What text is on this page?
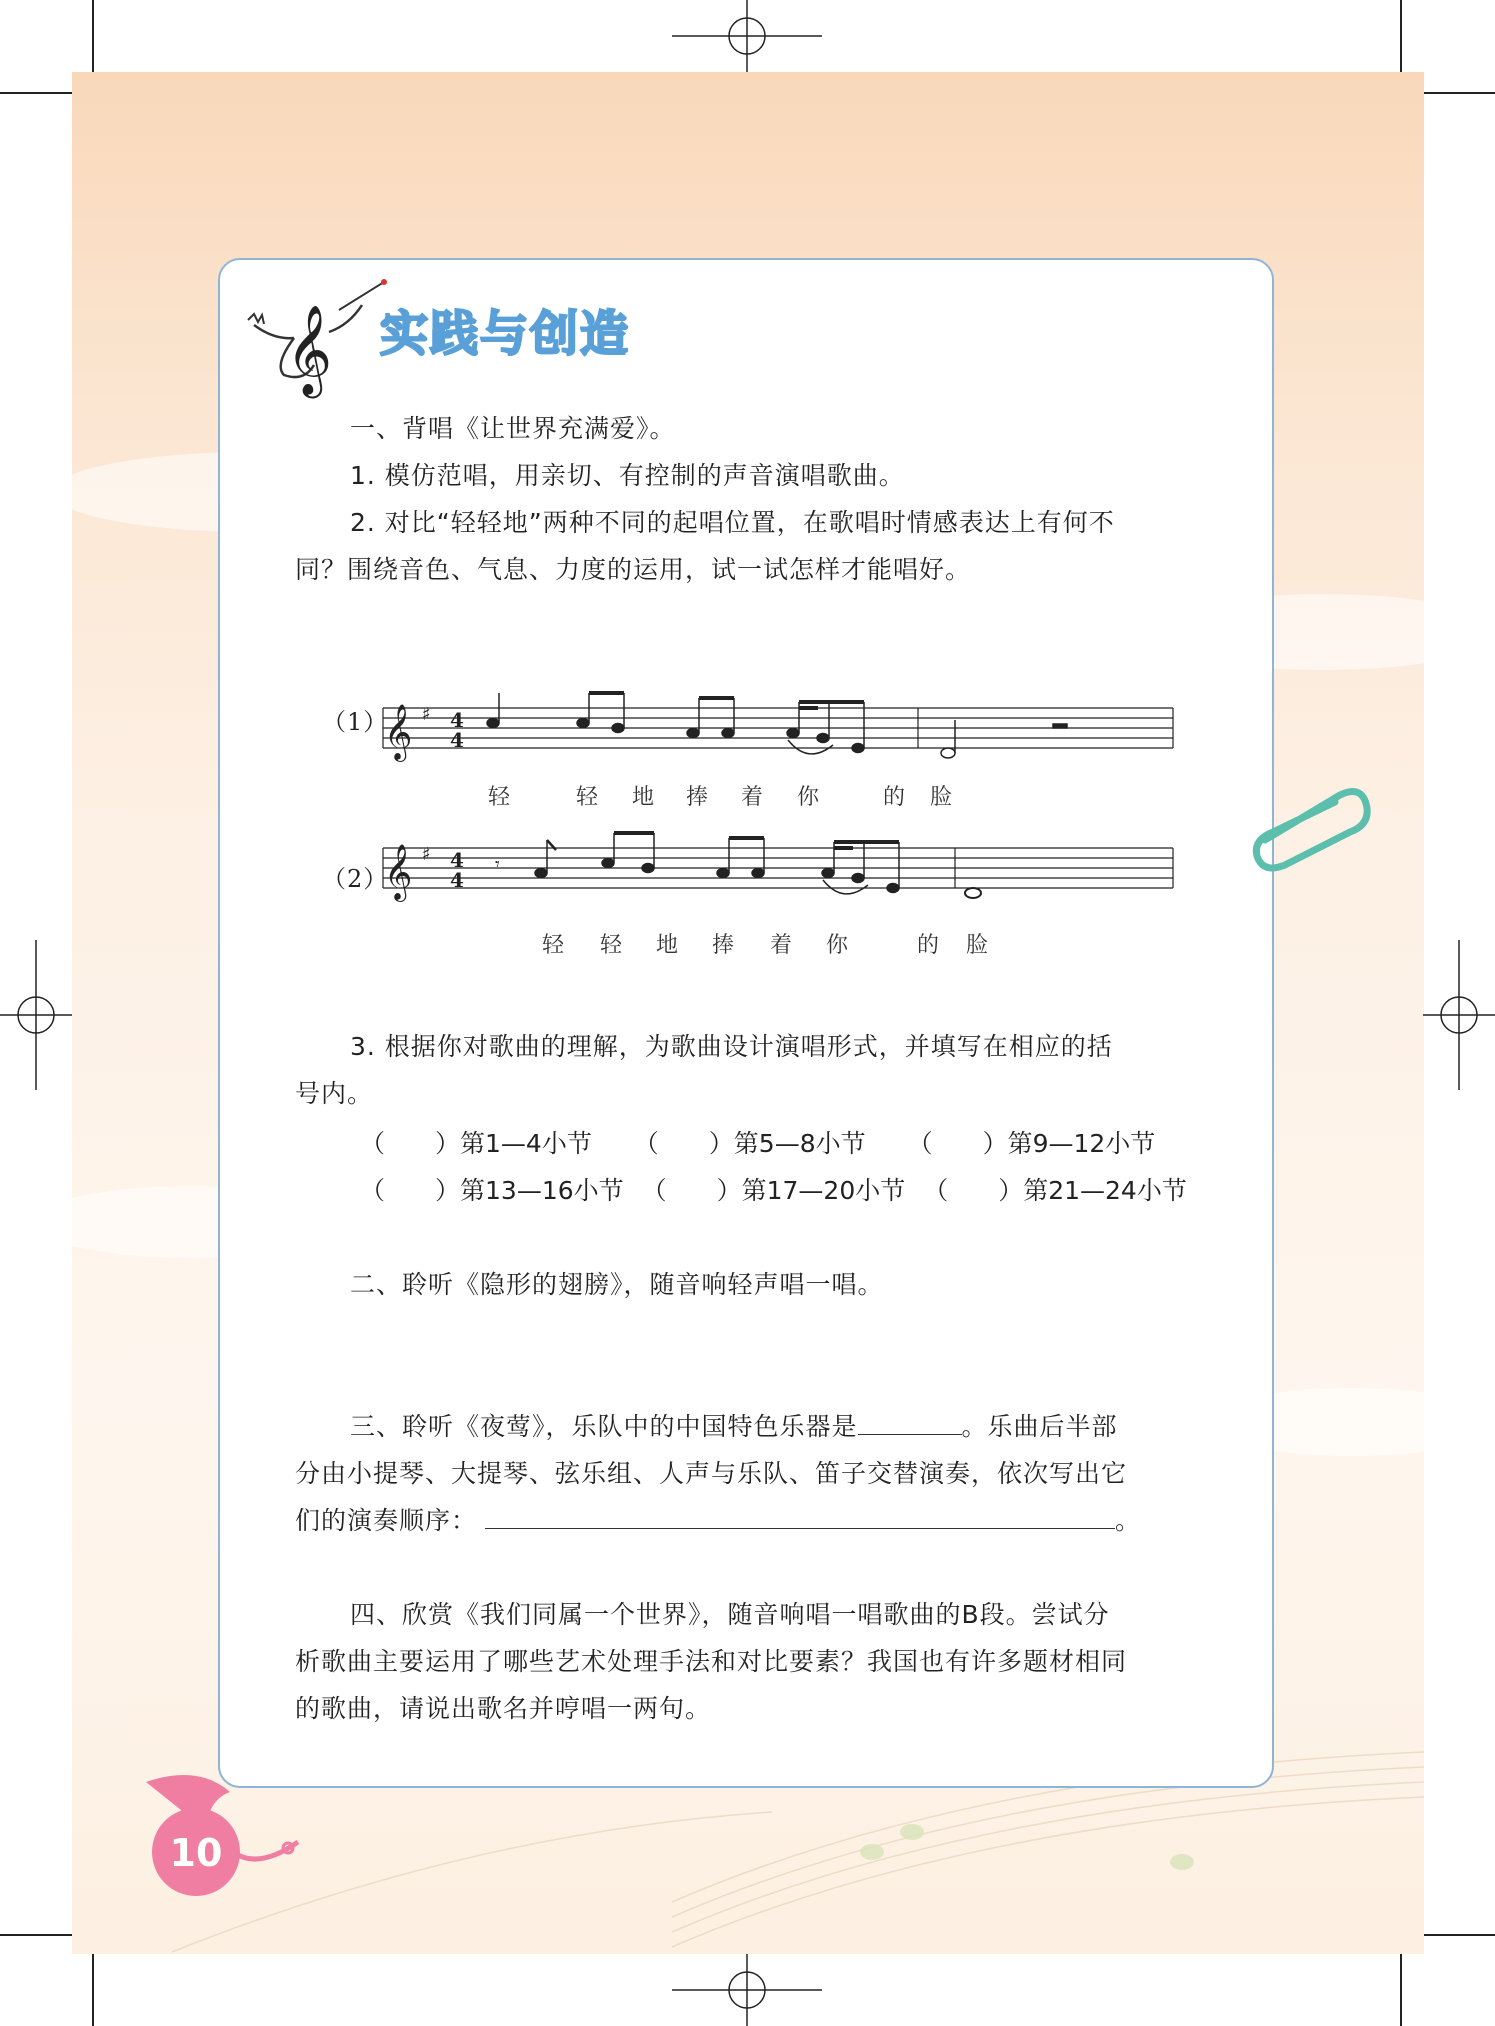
𝄞 实践与创造
一、背唱《让世界充满爱》。
1. 模仿范唱，用亲切、有控制的声音演唱歌曲。
2. 对比“轻轻地”两种不同的起唱位置，在歌唱时情感表达上有何不
同？围绕音色、气息、力度的运用，试一试怎样才能唱好。
𝄞 ♯ 4
4
𝄞 ♯ 4
4
𝄾
（1）
（2）
轻	轻 地 捧 着 你	的 脸
轻 轻 地 捧 着 你	的 脸
3. 根据你对歌曲的理解，为歌曲设计演唱形式，并填写在相应的括
号内。
（　　）第1—4小节 （　　）第5—8小节 （　　）第9—12小节
（　　）第13—16小节 （　　）第17—20小节 （　　）第21—24小节
二、聆听《隐形的翅膀》，随音响轻声唱一唱。
三、聆听《夜莺》，乐队中的中国特色乐器是	。乐曲后半部
分由小提琴、大提琴、弦乐组、人声与乐队、笛子交替演奏，依次写出它
们的演奏顺序：	。
四、欣赏《我们同属一个世界》，随音响唱一唱歌曲的B段。尝试分
析歌曲主要运用了哪些艺术处理手法和对比要素？我国也有许多题材相同
的歌曲，请说出歌名并哼唱一两句。
10
